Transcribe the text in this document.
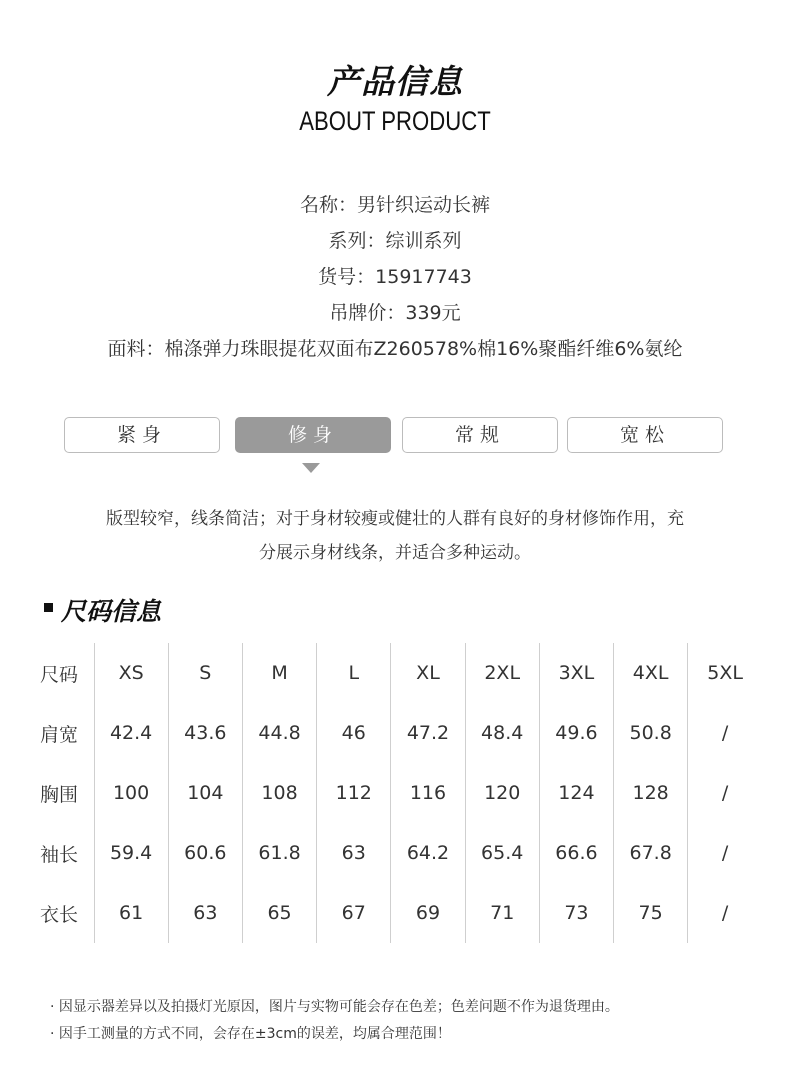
产品信息
ABOUT PRODUCT
名称：男针织运动长裤
系列：综训系列
货号：15917743
吊牌价：339元
面料：棉涤弹力珠眼提花双面布Z260578%棉16%聚酯纤维6%氨纶
紧身	修身	常规	宽松
版型较窄，线条简洁；对于身材较瘦或健壮的人群有良好的身材修饰作用，充
分展示身材线条，并适合多种运动。
尺码信息
尺码	XS	S	M	L	XL	2XL	3XL	4XL	5XL
肩宽	42.4	43.6	44.8	46	47.2	48.4	49.6	50.8	/
胸围	100	104	108	112	116	120	124	128	/
袖长	59.4	60.6	61.8	63	64.2	65.4	66.6	67.8	/
衣长	61	63	65	67	69	71	73	75	/
· 因显示器差异以及拍摄灯光原因，图片与实物可能会存在色差；色差问题不作为退货理由。
· 因手工测量的方式不同，会存在±3cm的误差，均属合理范围！
